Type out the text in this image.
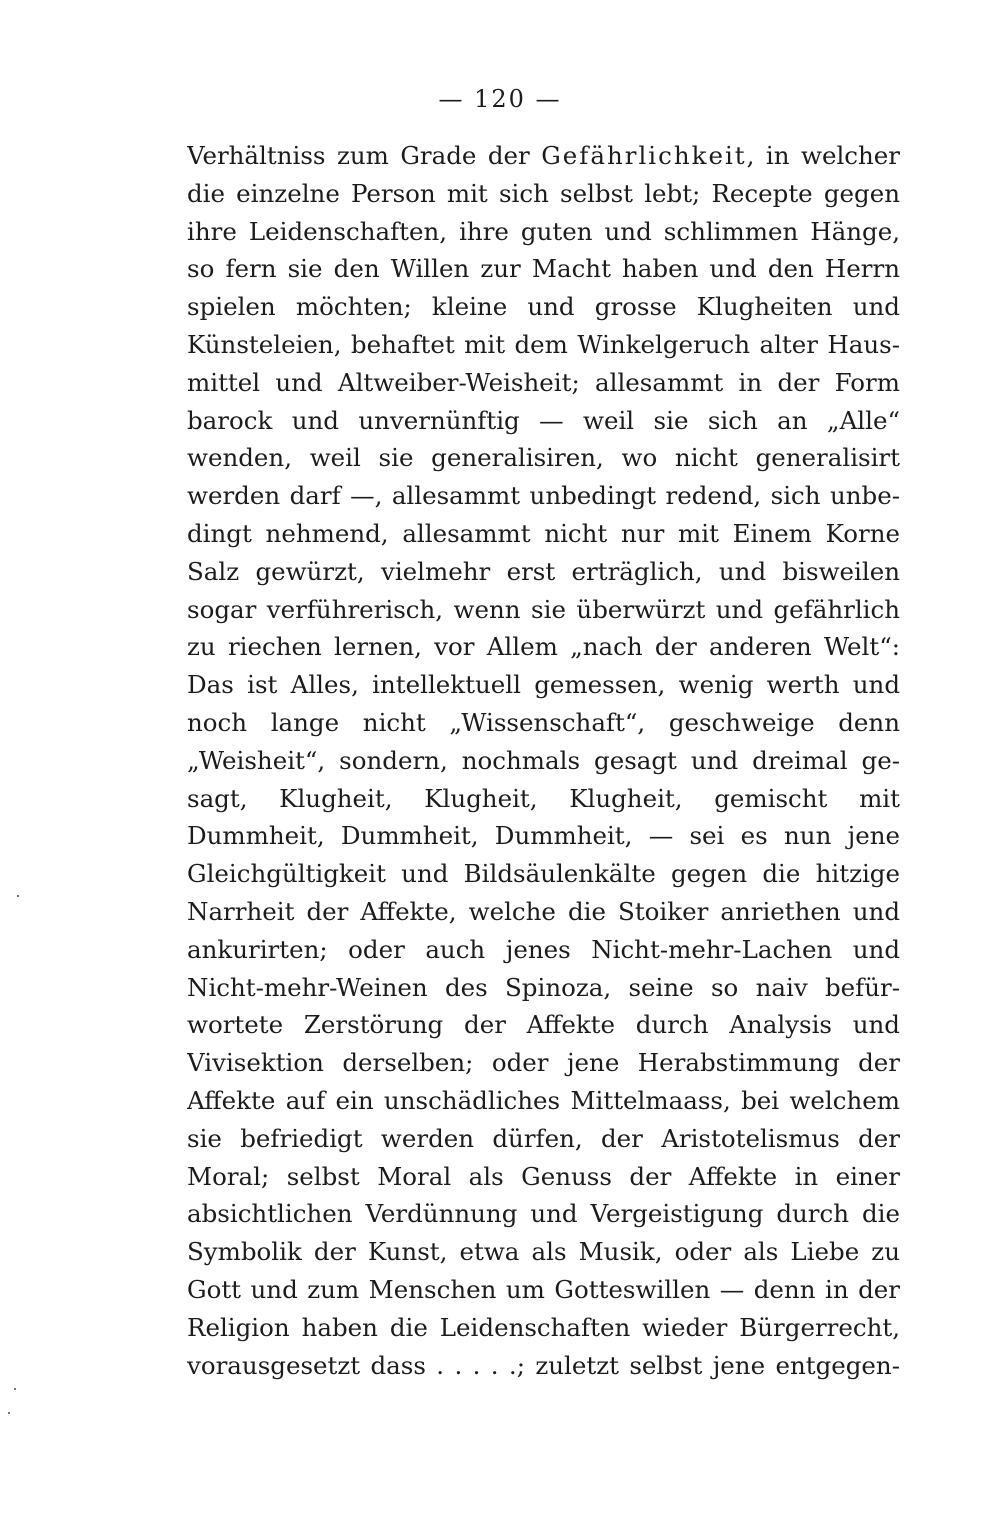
— 120 —
Verhältniss zum Grade der Gefährlichkeit, in welcher
die einzelne Person mit sich selbst lebt; Recepte gegen
ihre Leidenschaften, ihre guten und schlimmen Hänge,
so fern sie den Willen zur Macht haben und den Herrn
spielen möchten; kleine und grosse Klugheiten und
Künsteleien, behaftet mit dem Winkelgeruch alter Haus-
mittel und Altweiber-Weisheit; allesammt in der Form
barock und unvernünftig — weil sie sich an „Alle“
wenden, weil sie generalisiren, wo nicht generalisirt
werden darf —, allesammt unbedingt redend, sich unbe-
dingt nehmend, allesammt nicht nur mit Einem Korne
Salz gewürzt, vielmehr erst erträglich, und bisweilen
sogar verführerisch, wenn sie überwürzt und gefährlich
zu riechen lernen, vor Allem „nach der anderen Welt“:
Das ist Alles, intellektuell gemessen, wenig werth und
noch lange nicht „Wissenschaft“, geschweige denn
„Weisheit“, sondern, nochmals gesagt und dreimal ge-
sagt, Klugheit, Klugheit, Klugheit, gemischt mit
Dummheit, Dummheit, Dummheit, — sei es nun jene
Gleichgültigkeit und Bildsäulenkälte gegen die hitzige
Narrheit der Affekte, welche die Stoiker anriethen und
ankurirten; oder auch jenes Nicht-mehr-Lachen und
Nicht-mehr-Weinen des Spinoza, seine so naiv befür-
wortete Zerstörung der Affekte durch Analysis und
Vivisektion derselben; oder jene Herabstimmung der
Affekte auf ein unschädliches Mittelmaass, bei welchem
sie befriedigt werden dürfen, der Aristotelismus der
Moral; selbst Moral als Genuss der Affekte in einer
absichtlichen Verdünnung und Vergeistigung durch die
Symbolik der Kunst, etwa als Musik, oder als Liebe zu
Gott und zum Menschen um Gotteswillen — denn in der
Religion haben die Leidenschaften wieder Bürgerrecht,
vorausgesetzt dass . . . . .; zuletzt selbst jene entgegen-
